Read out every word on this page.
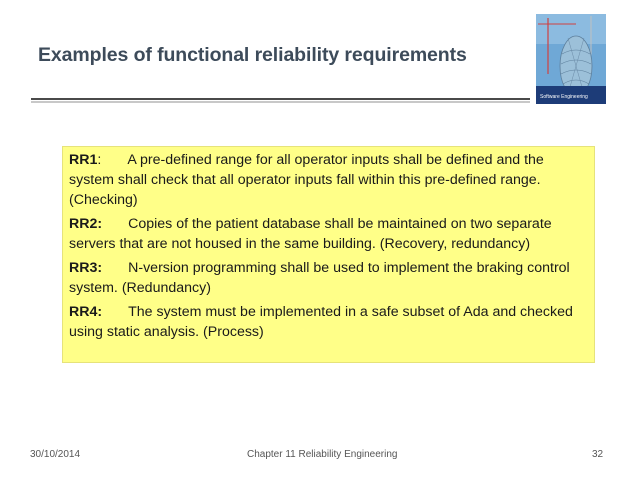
Examples of functional reliability requirements
Software Engineering

RR1: A pre-defined range for all operator inputs shall be defined and the system shall check that all operator inputs fall within this pre-defined range. (Checking)

RR2: Copies of the patient database shall be maintained on two separate servers that are not housed in the same building. (Recovery, redundancy)

RR3: N-version programming shall be used to implement the braking control system. (Redundancy)

RR4: The system must be implemented in a safe subset of Ada and checked using static analysis. (Process)

30/10/2014	Chapter 11 Reliability Engineering	32
